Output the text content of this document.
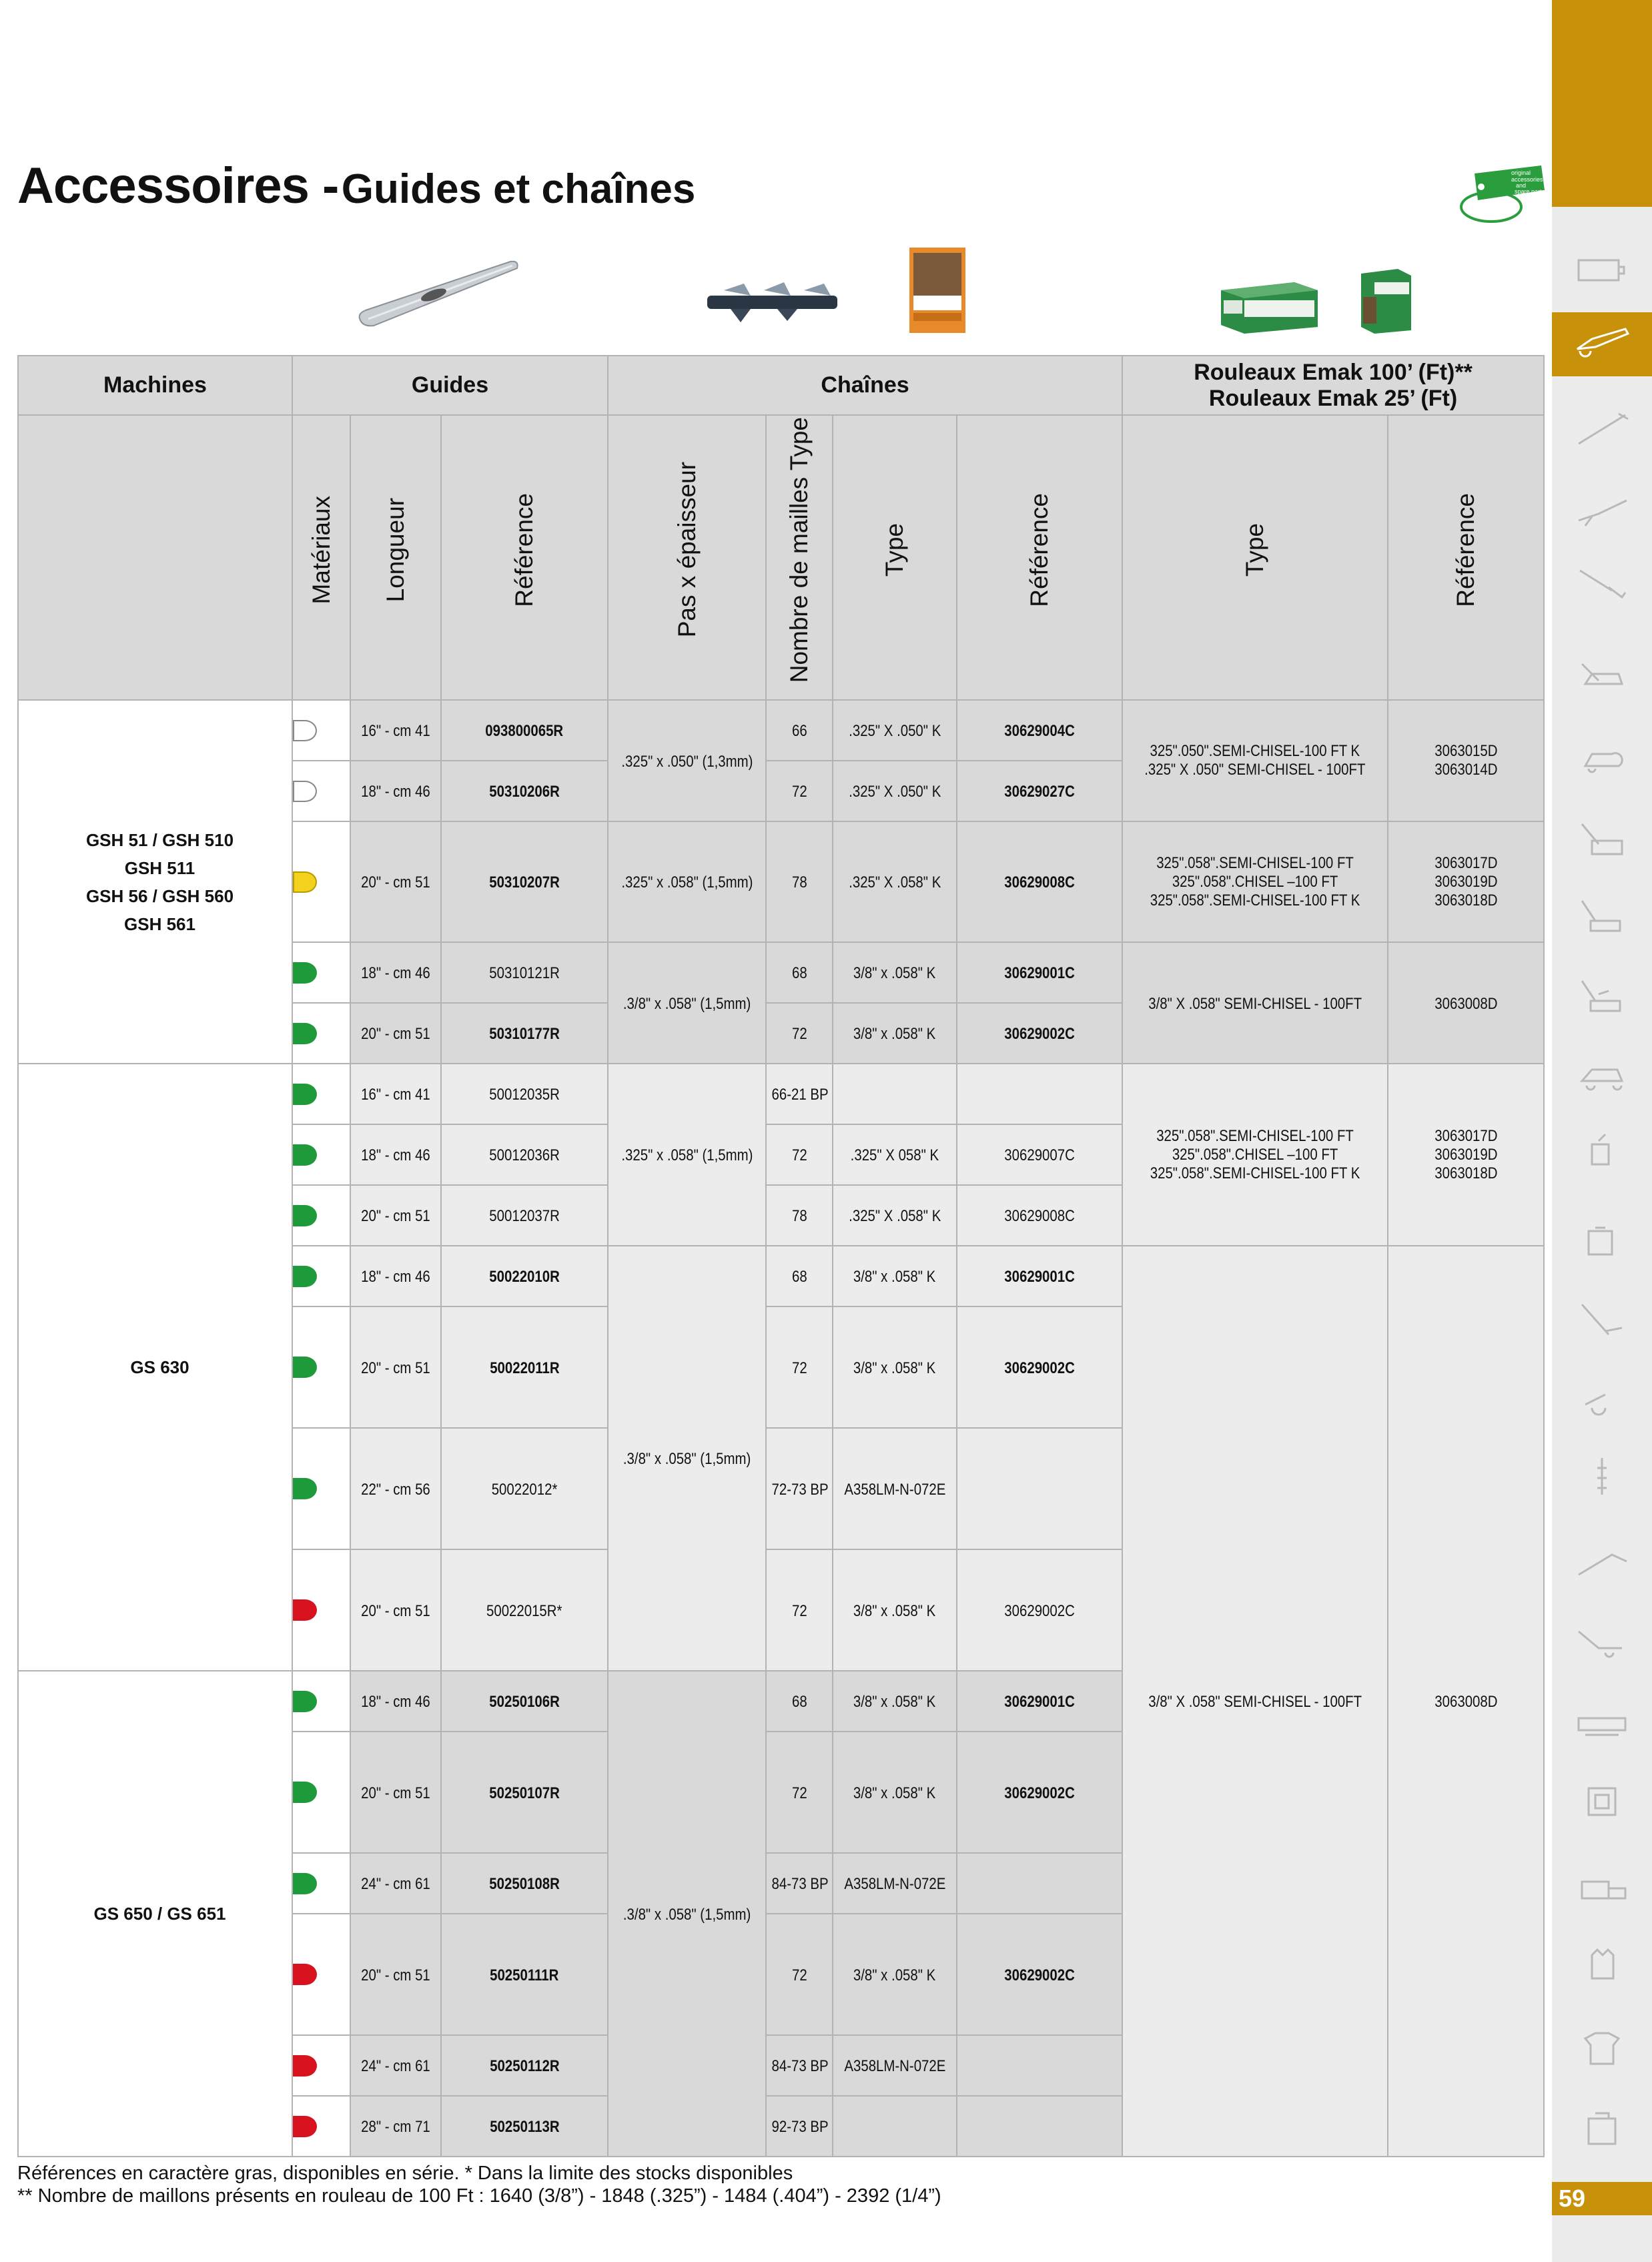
59
Accessoires - Guides et chaînes	original
accessories
and
spare parts
Machines	Guides			Chaînes				Rouleaux Emak 100’ (Ft)**
Rouleaux Emak 25’ (Ft)	

	Matériaux	Longueur	Référence	Pas x épaisseur	Nombre de mailles Type	Type	Référence	Type	Référence

GSH 51 / GSH 510
GSH 511
GSH 56 / GSH 560
GSH 561		16" - cm 41	093800065R	.325" x .050" (1,3mm)	66	.325" X .050" K	30629004C	325".050".SEMI-CHISEL-100 FT K
.325" X .050" SEMI-CHISEL - 100FT	3063015D
3063014D

		18" - cm 46	50310206R		72	.325" X .050" K	30629027C		

		20" - cm 51	50310207R	.325" x .058" (1,5mm)	78	.325" X .058" K	30629008C	325".058".SEMI-CHISEL-100 FT
325".058".CHISEL –100 FT
325".058".SEMI-CHISEL-100 FT K	3063017D
3063019D
3063018D

		18" - cm 46	50310121R	.3/8" x .058" (1,5mm)	68	3/8" x .058" K	30629001C	3/8" X .058" SEMI-CHISEL - 100FT	3063008D

		20" - cm 51	50310177R		72	3/8" x .058" K	30629002C		
GS 630		16" - cm 41	50012035R	.325" x .058" (1,5mm)	66-21 BP			325".058".SEMI-CHISEL-100 FT
325".058".CHISEL –100 FT
325".058".SEMI-CHISEL-100 FT K	3063017D
3063019D
3063018D

		18" - cm 46	50012036R		72	.325" X 058" K	30629007C		

		20" - cm 51	50012037R		78	.325" X .058" K	30629008C		

		18" - cm 46	50022010R	.3/8" x .058" (1,5mm)	68	3/8" x .058" K	30629001C	3/8" X .058" SEMI-CHISEL - 100FT	3063008D

		20" - cm 51	50022011R		72	3/8" x .058" K	30629002C		

		22" - cm 56	50022012*		72-73 BP	A358LM-N-072E			

		20" - cm 51	50022015R*		72	3/8" x .058" K	30629002C		
GS 650 / GS 651		18" - cm 46	50250106R	.3/8" x .058" (1,5mm)	68	3/8" x .058" K	30629001C		

		20" - cm 51	50250107R		72	3/8" x .058" K	30629002C		

		24" - cm 61	50250108R		84-73 BP	A358LM-N-072E			

		20" - cm 51	50250111R		72	3/8" x .058" K	30629002C		

		24" - cm 61	50250112R		84-73 BP	A358LM-N-072E			

		28" - cm 71	50250113R		92-73 BP				
Références en caractère gras, disponibles en série. * Dans la limite des stocks disponibles
** Nombre de maillons présents en rouleau de 100 Ft : 1640 (3/8”) - 1848 (.325”) - 1484 (.404”) - 2392 (1/4”)
